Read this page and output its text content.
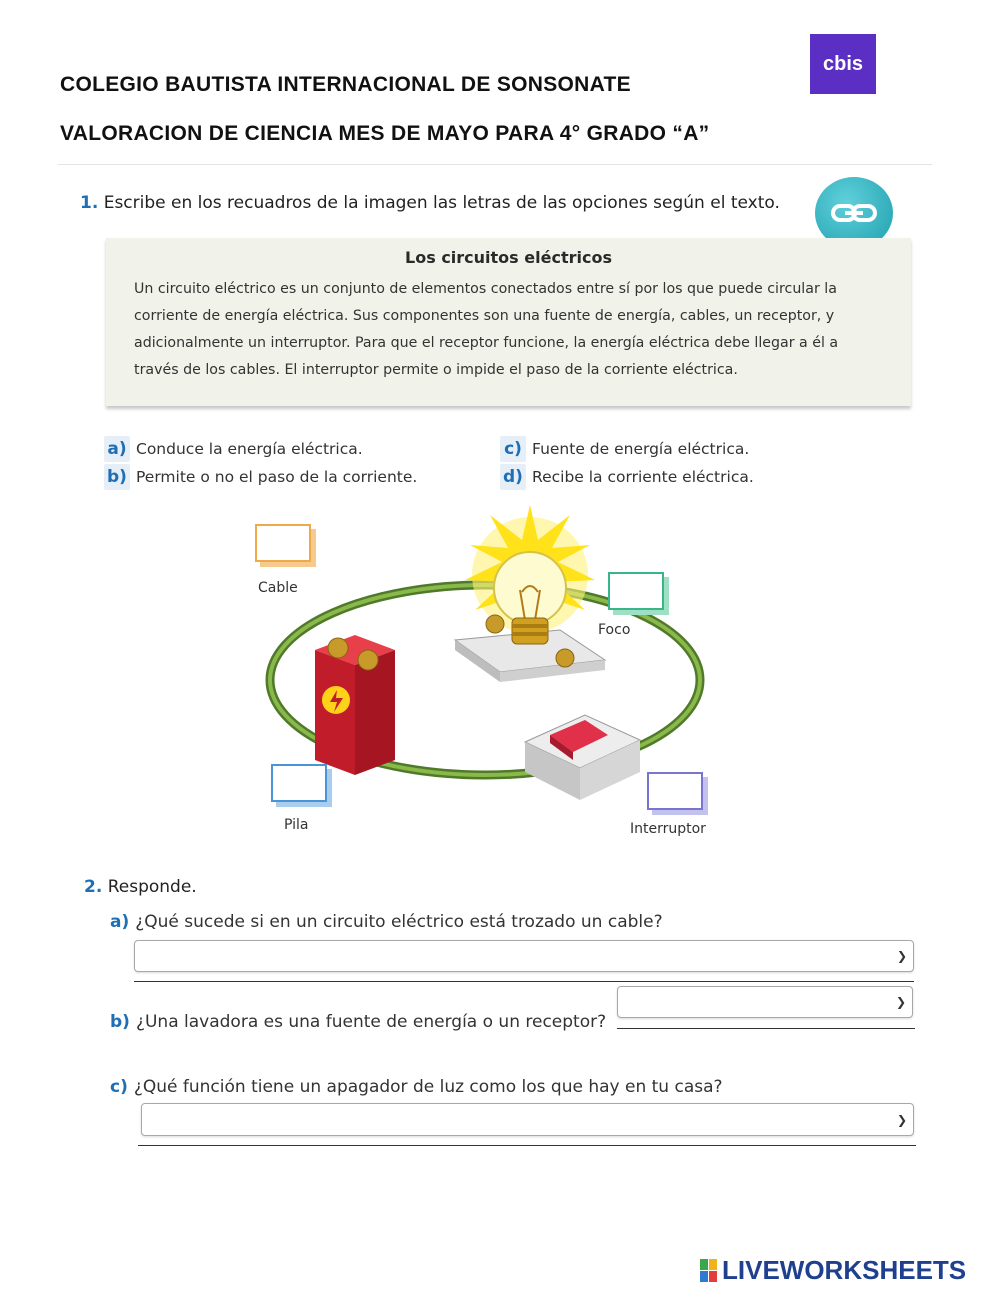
COLEGIO BAUTISTA INTERNACIONAL DE SONSONATE
VALORACION DE CIENCIA MES DE MAYO PARA 4° GRADO “A”
cbis
1. Escribe en los recuadros de la imagen las letras de las opciones según el texto.
Los circuitos eléctricos
Un circuito eléctrico es un conjunto de elementos conectados entre sí por los que puede circular la corriente de energía eléctrica. Sus componentes son una fuente de energía, cables, un receptor, y adicionalmente un interruptor. Para que el receptor funcione, la energía eléctrica debe llegar a él a través de los cables. El interruptor permite o impide el paso de la corriente eléctrica.
a) Conduce la energía eléctrica.
b) Permite o no el paso de la corriente.
c) Fuente de energía eléctrica.
d) Recibe la corriente eléctrica.
Cable
Foco
Pila	Interruptor
2. Responde.
a) ¿Qué sucede si en un circuito eléctrico está trozado un cable?
❯
b) ¿Una lavadora es una fuente de energía o un receptor?
❯
c) ¿Qué función tiene un apagador de luz como los que hay en tu casa?
❯
LIVEWORKSHEETS
